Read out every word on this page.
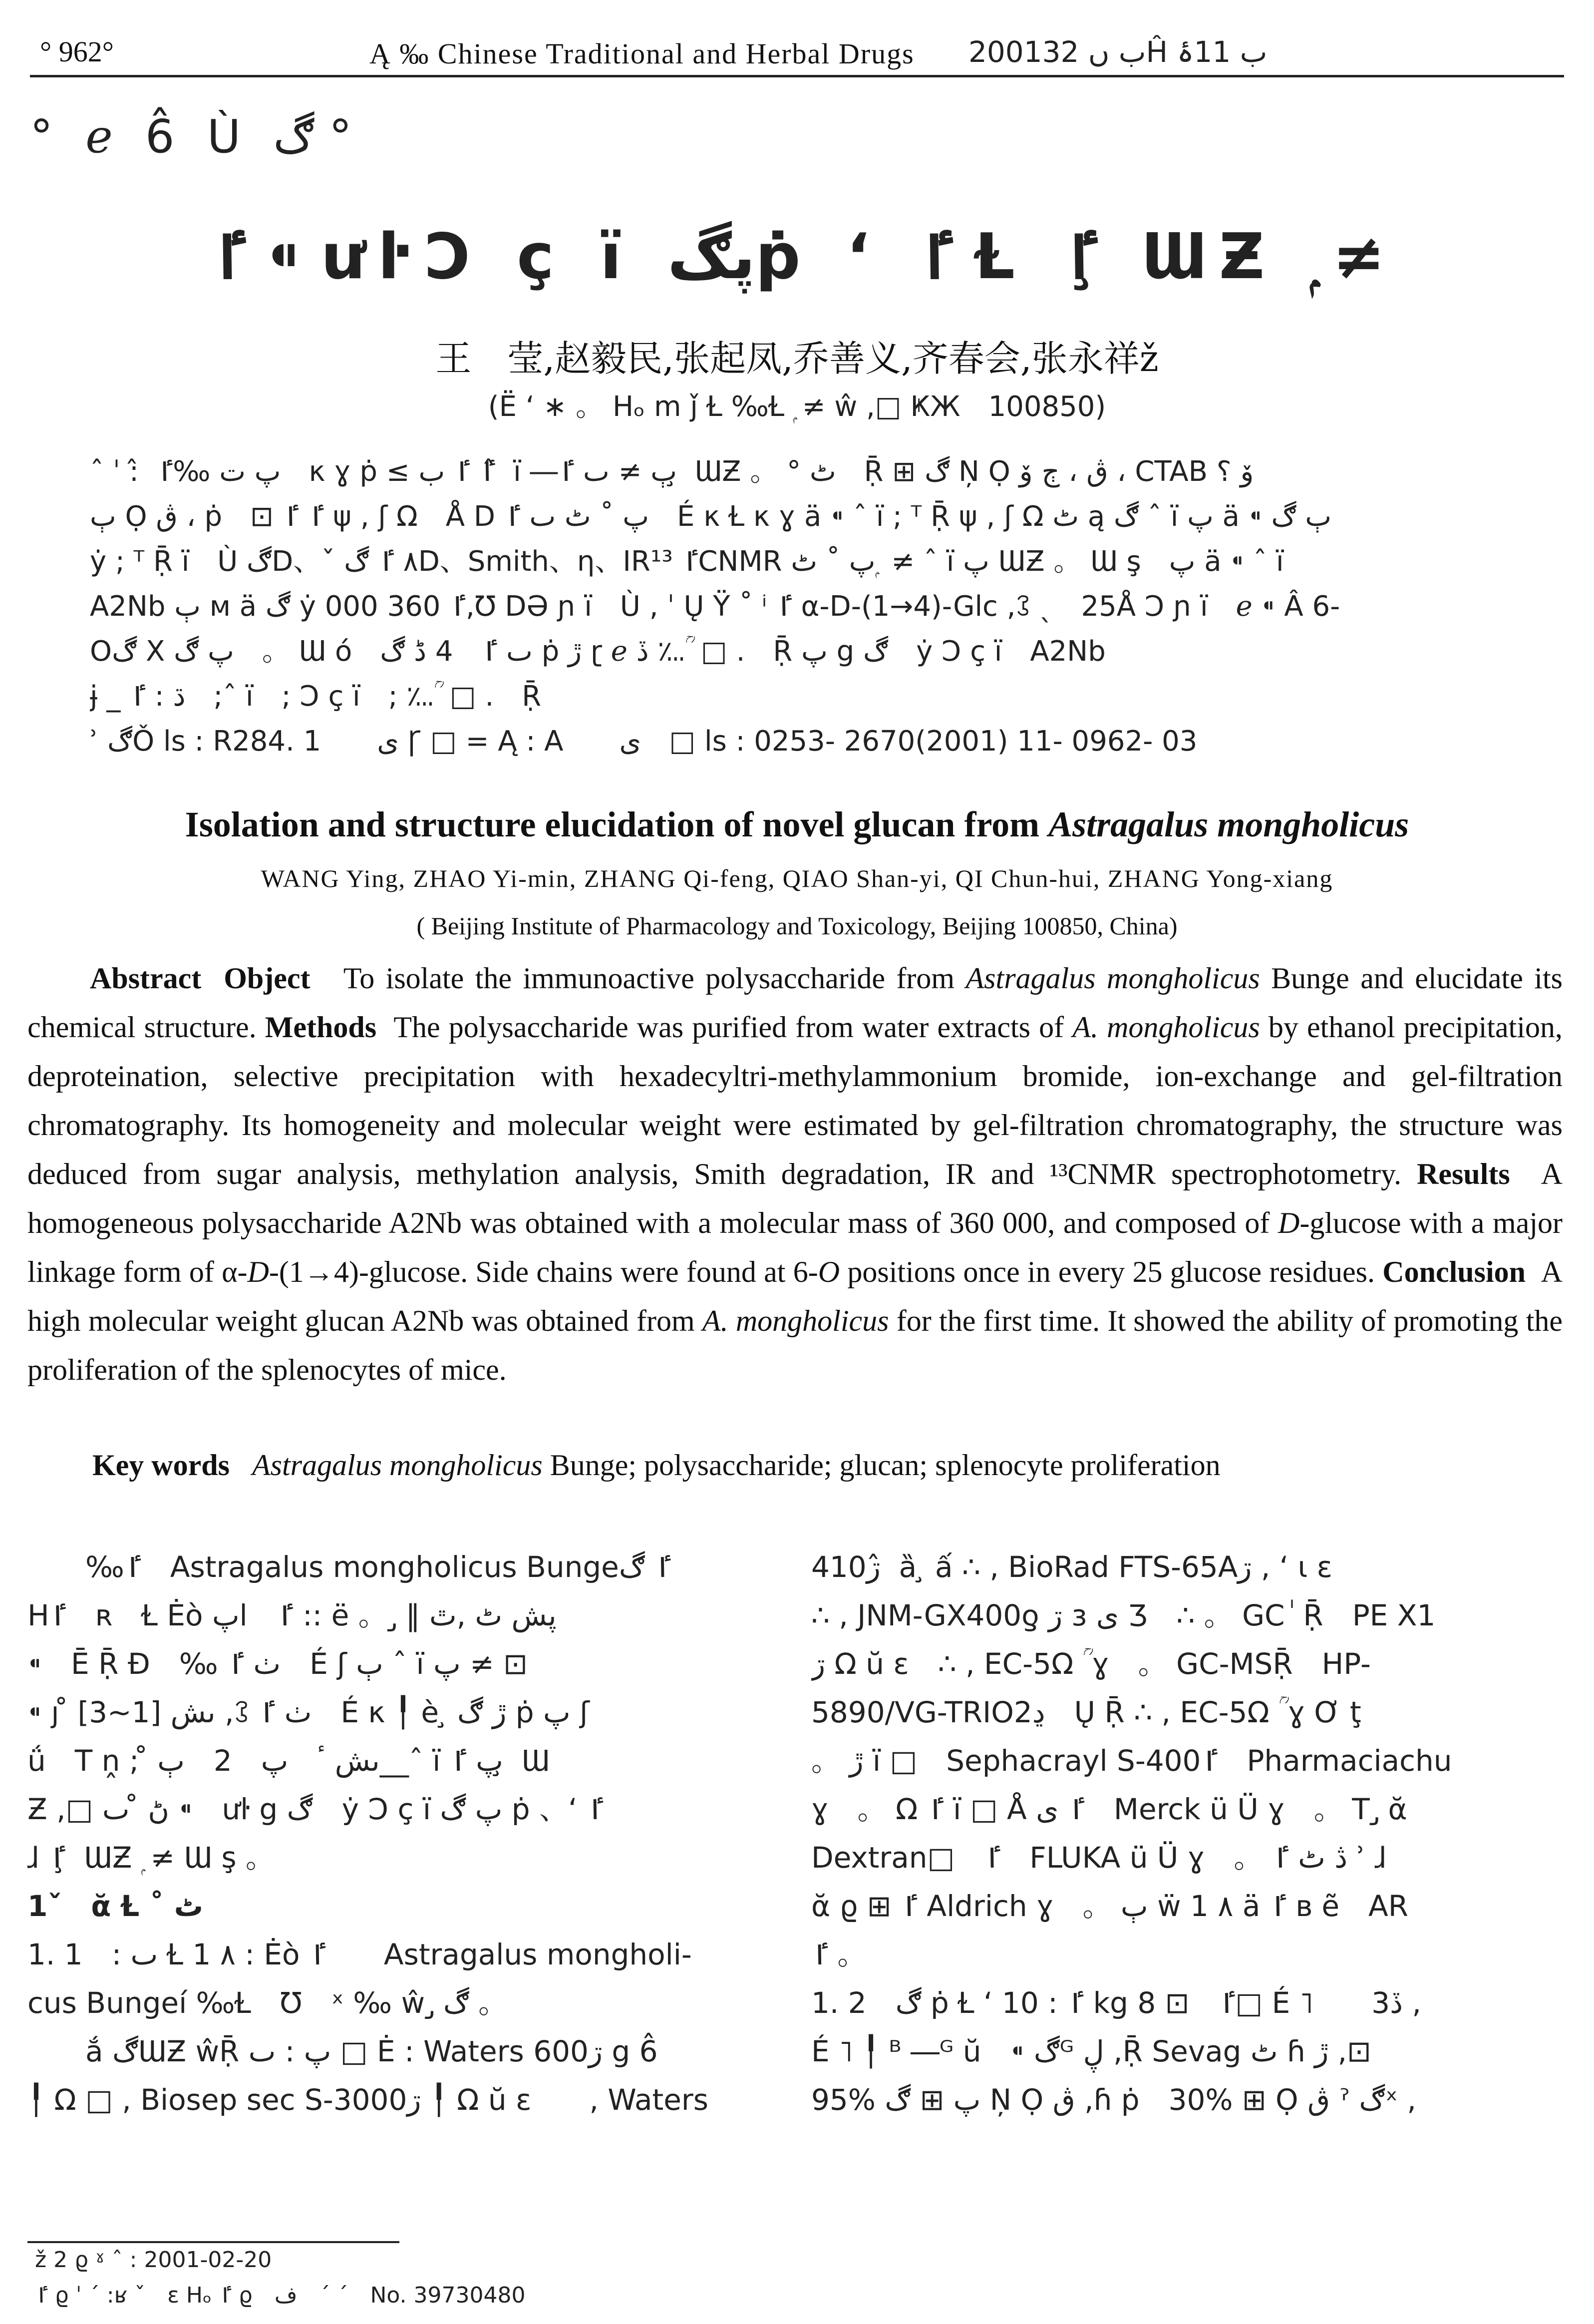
° 962°	Ą ‰ Chinese Traditional and Herbal Drugs 2001ب ں 32Ĥ ب 11ۂ
° ℯ 6̂ Ù ڰ °
ٵ ⁌ ưŀƆ ç ï پڰṗ ʻ ٵ Ɫ ٵ ̧ ƜƵ ۭ ≠
王　莹,赵毅民,张起凤,乔善义,齐春会,张永祥ž
(Ё ʻ ∗ 。 Hₒ m ǰ Ɫ ‰Ɫ ۭ ≠ ŵ ,□ ҜЖ　100850)
ˆ ˈ : ̂ پ ت ‰ٵ　κ ɣ ṗ ≤ ٵ ٵ ب ̂ ï ―ٻ ≠ ٮ ٵ ̧ ƜƵ 。 ° ٹ　Ṝ ⊞ ڰ Ņ Ọ ڨ ، ڄ ۆ ، CTAB ﯙ ؟
ٻ Ọ ڨ ، ṗ　⊡ ٵ ٵ ψ , ʃ Ω　Å D پ ˚ ٹ ٮ ٵ　É κ Ɫ κ ɣ ä ⁌ ˆ ï ; ᵀ Ṝ ψ , ʃ Ω ٹ ą ڰ ˆ ï پ ä ⁌ ٻ ڰ
ẏ ; ᵀ Ṝ ï　Ù ڰD、ˇ ٨ ٵ ڰD、Smith、ƞ、IRٵ ¹³CNMR پ ˚ ٹ ۭ ≠ ˆ ï پ ƜƵ 。 Ɯ ş　پ ä ⁌ ˆ ï
A2Nb ٻ ᴍ ä ڰ ẏ ٵ 360 000,Ʊ DƏ ɲ ï　Ù , ˈ Ų Ÿ ˚ ⁱ ٵ α-D-(1→4)-Glc ,ꕘ ˎ　25Å Ɔ ɲ ï　ℯ ⁌ Â 6-
Oڰ X پ ڰ　。 Ɯ ó　ٮ ٵ　4 ڈ ڰ ṗ ڙ ɽ ℯ ڏ ؊ ؒ □ .　Ṝ پ g ڰ　ẏ Ɔ ç ï　A2Nb
ɉ _ ڌ : ٵ　;ˆ ï　; Ɔ ç ï　; ؊ ؒ □ .　Ṝ
ʾ ڰǑ ls : R284. 1　　ی Ꞅ □ = Ą : A　　ی　□ ls : 0253- 2670(2001) 11- 0962- 03
Isolation and structure elucidation of novel glucan from Astragalus mongholicus
WANG Ying, ZHAO Yi-min, ZHANG Qi-feng, QIAO Shan-yi, QI Chun-hui, ZHANG Yong-xiang
( Beijing Institute of Pharmacology and Toxicology, Beijing 100850, China)

Abstract Object To isolate the immunoactive polysaccharide from Astragalus mongholicus Bunge and elucidate its chemical structure. Methods The polysaccharide was purified from water extracts of A. mongholicus by ethanol precipitation, deproteination, selective precipitation with hexadecyltri-methylammonium bromide, ion-exchange and gel-filtration chromatography. Its homogeneity and molecular weight were estimated by gel-filtration chromatography, the structure was deduced from sugar analysis, methylation analysis, Smith degradation, IR and ¹³CNMR spectrophotometry. Results A homogeneous polysaccharide A2Nb was obtained with a molecular mass of 360 000, and composed of D-glucose with a major linkage form of α-D-(1→4)-glucose. Side chains were found at 6-O positions once in every 25 glucose residues. Conclusion A high molecular weight glucan A2Nb was obtained from A. mongholicus for the first time. It showed the ability of promoting the proliferation of the splenocytes of mice.

Key words Astragalus mongholicus Bunge; polysaccharide; glucan; splenocyte proliferation
　　‰ٵ　Astragalus mongholicus Bungeٵ ڰ
Hٵ　ʀ　Ɫ Ėò ٵ　اپ :: ë 。 ̡ ‖ ڽش ٹ ,ٿ
⁌　Ē Ṝ Đ　‰ ٺ ٵ　É ʃ ٻ ˆ ï پ ≠ ⊡
⁌ ȷ ̊ ٮش [1~3] ,ꕘ ٺ ٵ　É κ ╿ è ̧ ڙ ڰ ṗ پ ʃ
ǘ　T ṋ ; ̊ ٮش ٴ　پ　2　ٻ__ˆ ï پ ٵ ̧ Ɯ
Ƶ ,□ ڻ ̊ ٮ ⁌　ưŀ g ڰ　ẏ Ɔ ç ï پ ڰ ṗ 、ʻ ٵ
ɺ ٵ ̧ ƜƵ ۭ ≠ Ɯ ş 。
1ˇ　ᾰ Ɫ ˚ ٹ
1. 1　: ٮ Ɫ 1 ٨ : Ėò ٵ　　Astragalus mongholi-
cus Bungeí ‰Ɫ　Ʊ　ˣ ‰ ŵ ̡ ڰ 。
　　ắ ڰƜƵ ŵṜ پ : ٮ □ Ė : Waters 600ڗ g 6̂
╿ Ω □ , Biosep sec S-3000ڗ ╿ Ω ŭ ɛ　　, Waters
410ڗ ̂ ȁ ̧ ấ ∴ , BioRad FTS-65Aڗ , ʻ ι ɛ
∴ , JNM-GX400ƍ ڗ ɜ ی Ʒ　∴ 。 GC ٰ Ṝ　PE X1
ڗ Ω ŭ ɛ　∴ , EC-5Ω ؒ ɣ　。 GC-MSṜ　HP-
5890/VG-TRIO2ڍ　Ų Ṝ ∴ , EC-5Ω ؒ ɣ Ơ ţ
。 ڙ ï □　Sephacrayl S-400ٵ　Pharmaciachu
ɣ　。 Ω ٵ ï □ Å ٵ ی　Merck ü Ü ɣ　。 T ̡ ᾰ
Dextran□　ٵ　FLUKA ü Ü ɣ　。 ڎ ٹ ٵ ʾ ɺ
ᾰ ϱ ⊞ ٵ Aldrich ɣ　。 ٻ ẅ 1 ٨ ä ٵ ʙ ẽ　AR
ٵ 。
1. 2　ڰ ṗ Ɫ ʻ ٵ : 10 kg ٵ　⊡ 8□ É ˥　　3ڏ ,
É ˥ ╿ ᴮ ―ᴳ ŭ　⁌ ڰᴳ ڸ ,Ṝ Sevag ٹ ɦ ڙ ,⊡
95% پ ⊞ ڰ Ņ Ọ ڨ ,ɦ ṗ　30% ⊞ Ọ ڨ ˀ ڰˣ ,
ž 2 ϱ ˠ ˆ : 2001-02-20
ٵ ϱ ˈ ˊ :ʁ ˇ　ɛ Hₒ ٵ ϱ　ف　ˊ ˊ　No. 39730480
